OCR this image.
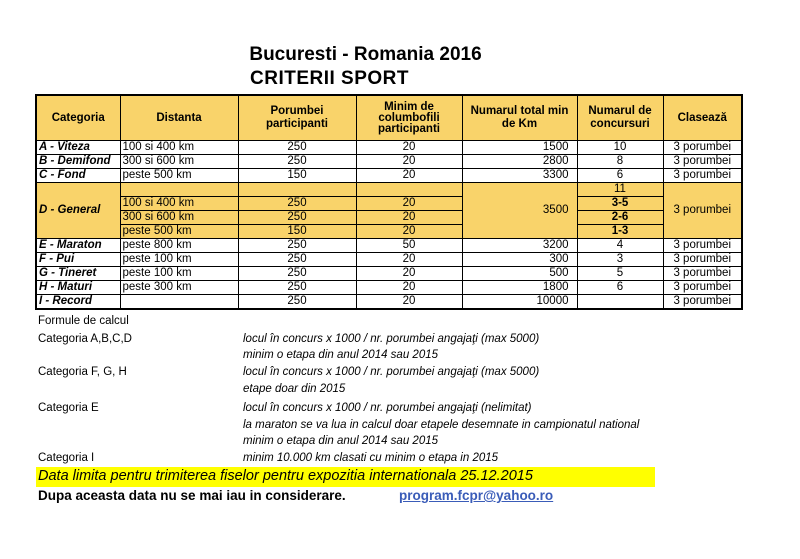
Bucuresti - Romania 2016
CRITERII SPORT
Categoria	Distanta	Porumbei participanti	Minim de columbofili participanti	Numarul total min de Km	Numarul de concursuri	Clasează
A - Viteza	100 si 400 km	250	20	1500	10	3 porumbei
B - Demifond	300 si 600 km	250	20	2800	8	3 porumbei
C - Fond	peste 500 km	150	20	3300	6	3 porumbei
D - General				3500	11	3 porumbei
	100 si 400 km	250	20		3-5	
	300 si 600 km	250	20		2-6	
	peste 500 km	150	20		1-3	
E - Maraton	peste 800 km	250	50	3200	4	3 porumbei
F - Pui	peste 100 km	250	20	300	3	3 porumbei
G - Tineret	peste 100 km	250	20	500	5	3 porumbei
H - Maturi	peste 300 km	250	20	1800	6	3 porumbei
I - Record		250	20	10000		3 porumbei
Formule de calcul
Categoria A,B,C,D	locul în concurs x 1000 / nr. porumbei angajaţi (max 5000)
minim o etapa din anul 2014 sau 2015
Categoria F, G, H	locul în concurs x 1000 / nr. porumbei angajaţi (max 5000)
etape doar din 2015
Categoria E	locul în concurs x 1000 / nr. porumbei angajaţi (nelimitat)
la maraton se va lua in calcul doar etapele desemnate in campionatul national
minim o etapa din anul 2014 sau 2015
Categoria I	minim 10.000 km clasati cu minim o etapa in 2015
Data limita pentru trimiterea fiselor pentru expozitia internationala 25.12.2015
Dupa aceasta data nu se mai iau in considerare.	program.fcpr@yahoo.ro
